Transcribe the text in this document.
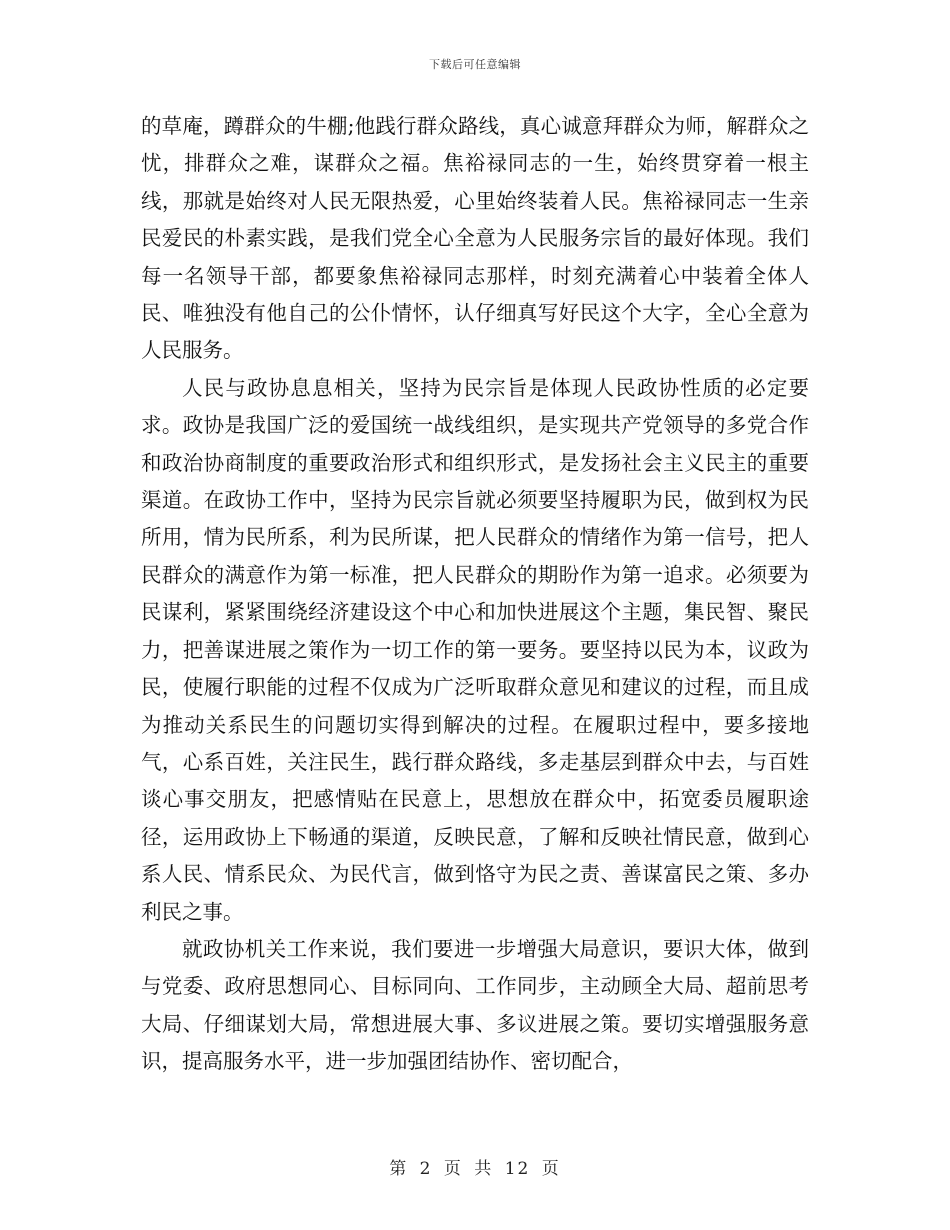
下载后可任意编辑

的草庵，蹲群众的牛棚;他践行群众路线，真心诚意拜群众为师，解群众之忧，排群众之难，谋群众之福。焦裕禄同志的一生，始终贯穿着一根主线，那就是始终对人民无限热爱，心里始终装着人民。焦裕禄同志一生亲民爱民的朴素实践，是我们党全心全意为人民服务宗旨的最好体现。我们每一名领导干部，都要象焦裕禄同志那样，时刻充满着心中装着全体人民、唯独没有他自己的公仆情怀，认仔细真写好民这个大字，全心全意为人民服务。

人民与政协息息相关，坚持为民宗旨是体现人民政协性质的必定要求。政协是我国广泛的爱国统一战线组织，是实现共产党领导的多党合作和政治协商制度的重要政治形式和组织形式，是发扬社会主义民主的重要渠道。在政协工作中，坚持为民宗旨就必须要坚持履职为民，做到权为民所用，情为民所系，利为民所谋，把人民群众的情绪作为第一信号，把人民群众的满意作为第一标准，把人民群众的期盼作为第一追求。必须要为民谋利，紧紧围绕经济建设这个中心和加快进展这个主题，集民智、聚民力，把善谋进展之策作为一切工作的第一要务。要坚持以民为本，议政为民，使履行职能的过程不仅成为广泛听取群众意见和建议的过程，而且成为推动关系民生的问题切实得到解决的过程。在履职过程中，要多接地气，心系百姓，关注民生，践行群众路线，多走基层到群众中去，与百姓谈心事交朋友，把感情贴在民意上，思想放在群众中，拓宽委员履职途径，运用政协上下畅通的渠道，反映民意，了解和反映社情民意，做到心系人民、情系民众、为民代言，做到恪守为民之责、善谋富民之策、多办利民之事。

就政协机关工作来说，我们要进一步增强大局意识，要识大体，做到与党委、政府思想同心、目标同向、工作同步，主动顾全大局、超前思考大局、仔细谋划大局，常想进展大事、多议进展之策。要切实增强服务意识，提高服务水平，进一步加强团结协作、密切配合，

第 2 页 共 12 页
